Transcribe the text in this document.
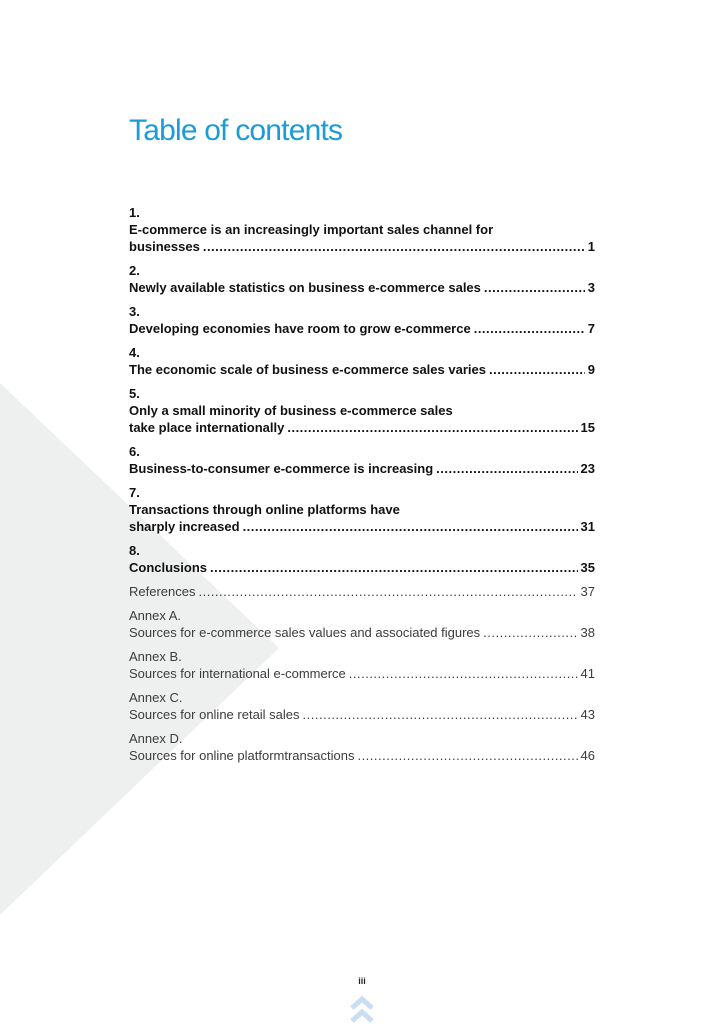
Table of contents
1.
E-commerce is an increasingly important sales channel for
businesses .....	1
2.
Newly available statistics on business e-commerce sales .....	3
3.
Developing economies have room to grow e-commerce .....	7
4.
The economic scale of business e-commerce sales varies .....	9
5.
Only a small minority of business e-commerce sales
take place internationally .....	15
6.
Business-to-consumer e-commerce is increasing .....	23
7.
Transactions through online platforms have
sharply increased .....	31
8.
Conclusions .....	35
References .....	37
Annex A.
Sources for e-commerce sales values and associated figures .....	38
Annex B.
Sources for international e-commerce .....	41
Annex C.
Sources for online retail sales .....	43
Annex D.
Sources for online platformtransactions .....	46
iii
